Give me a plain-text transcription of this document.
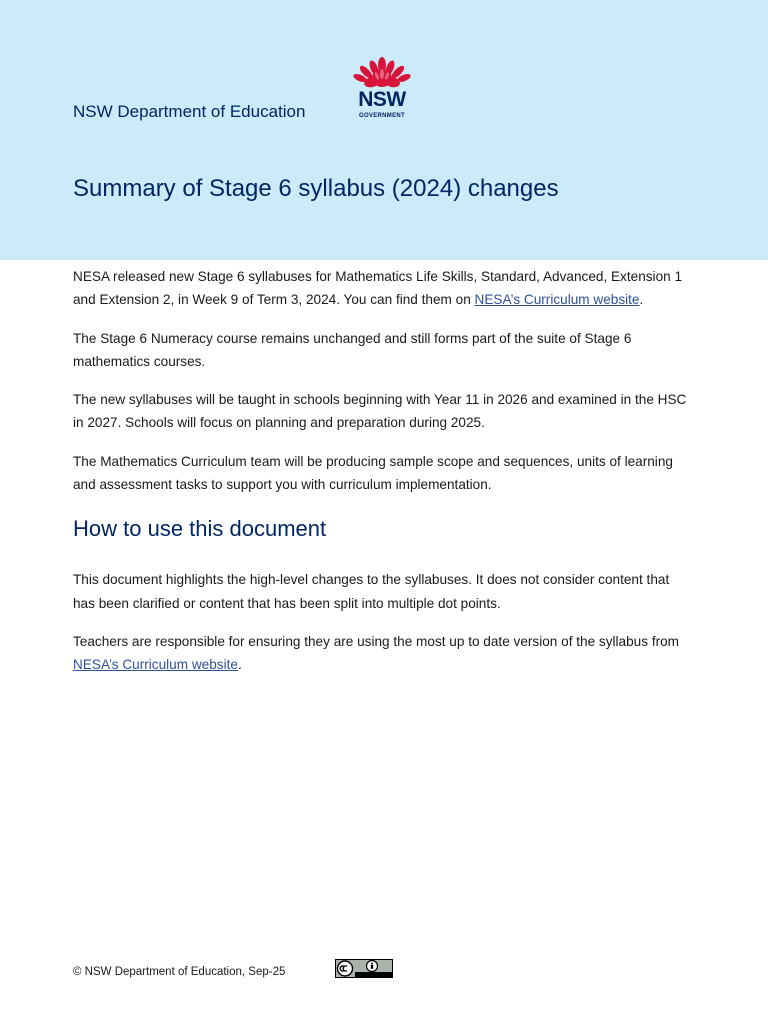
NSW Department of Education
NSW
GOVERNMENT
Summary of Stage 6 syllabus (2024) changes

NESA released new Stage 6 syllabuses for Mathematics Life Skills, Standard, Advanced, Extension 1 and Extension 2, in Week 9 of Term 3, 2024. You can find them on NESA’s Curriculum website.

The Stage 6 Numeracy course remains unchanged and still forms part of the suite of Stage 6 mathematics courses.

The new syllabuses will be taught in schools beginning with Year 11 in 2026 and examined in the HSC in 2027. Schools will focus on planning and preparation during 2025.

The Mathematics Curriculum team will be producing sample scope and sequences, units of learning and assessment tasks to support you with curriculum implementation.

How to use this document

This document highlights the high-level changes to the syllabuses. It does not consider content that has been clarified or content that has been split into multiple dot points.

Teachers are responsible for ensuring they are using the most up to date version of the syllabus from NESA’s Curriculum website.

© NSW Department of Education, Sep-25
